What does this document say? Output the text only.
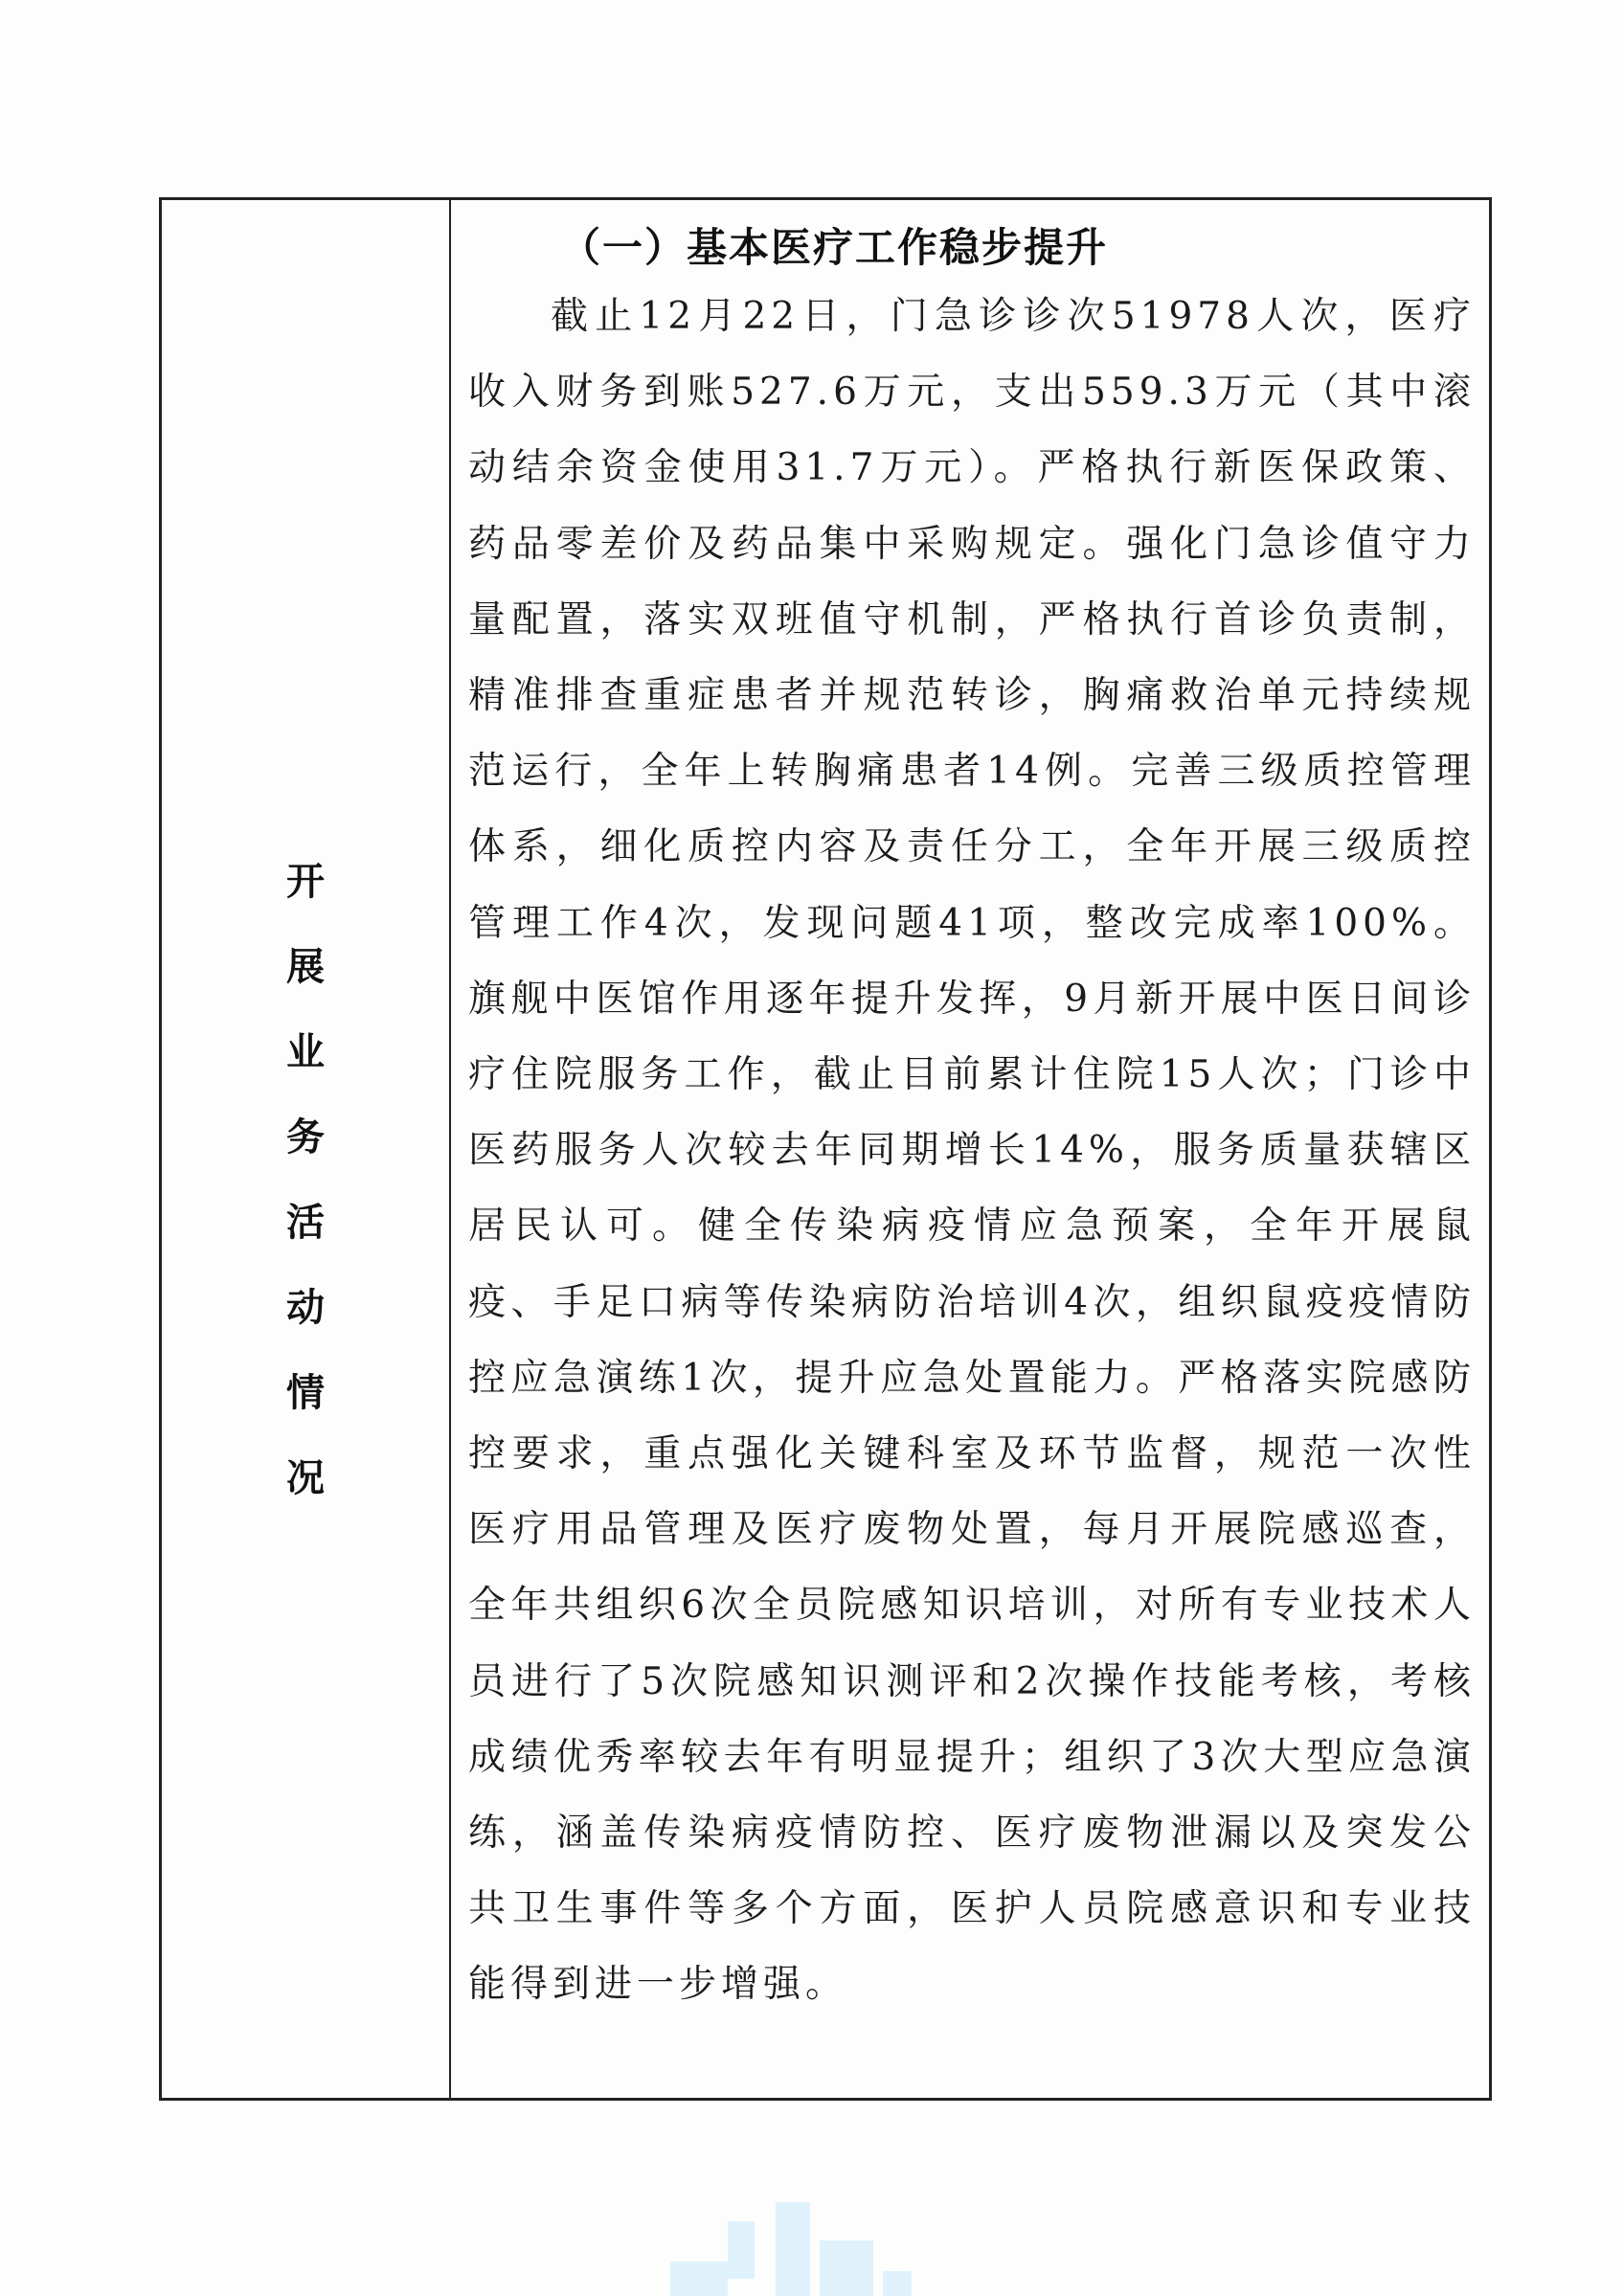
开
展
业
务
活
动
情
况
（一）基本医疗工作稳步提升

截止12月22日，门急诊诊次51978人次，医疗收入财务到账527.6万元，支出559.3万元（其中滚动结余资金使用31.7万元）。严格执行新医保政策、药品零差价及药品集中采购规定。强化门急诊值守力量配置，落实双班值守机制，严格执行首诊负责制，精准排查重症患者并规范转诊，胸痛救治单元持续规范运行，全年上转胸痛患者14例。完善三级质控管理体系，细化质控内容及责任分工，全年开展三级质控管理工作4次，发现问题41项，整改完成率100%。旗舰中医馆作用逐年提升发挥，9月新开展中医日间诊疗住院服务工作，截止目前累计住院15人次；门诊中医药服务人次较去年同期增长14%，服务质量获辖区居民认可。健全传染病疫情应急预案，全年开展鼠疫、手足口病等传染病防治培训4次，组织鼠疫疫情防控应急演练1次，提升应急处置能力。严格落实院感防控要求，重点强化关键科室及环节监督，规范一次性医疗用品管理及医疗废物处置，每月开展院感巡查，全年共组织6次全员院感知识培训，对所有专业技术人员进行了5次院感知识测评和2次操作技能考核，考核成绩优秀率较去年有明显提升；组织了3次大型应急演练，涵盖传染病疫情防控、医疗废物泄漏以及突发公共卫生事件等多个方面，医护人员院感意识和专业技能得到进一步增强。
